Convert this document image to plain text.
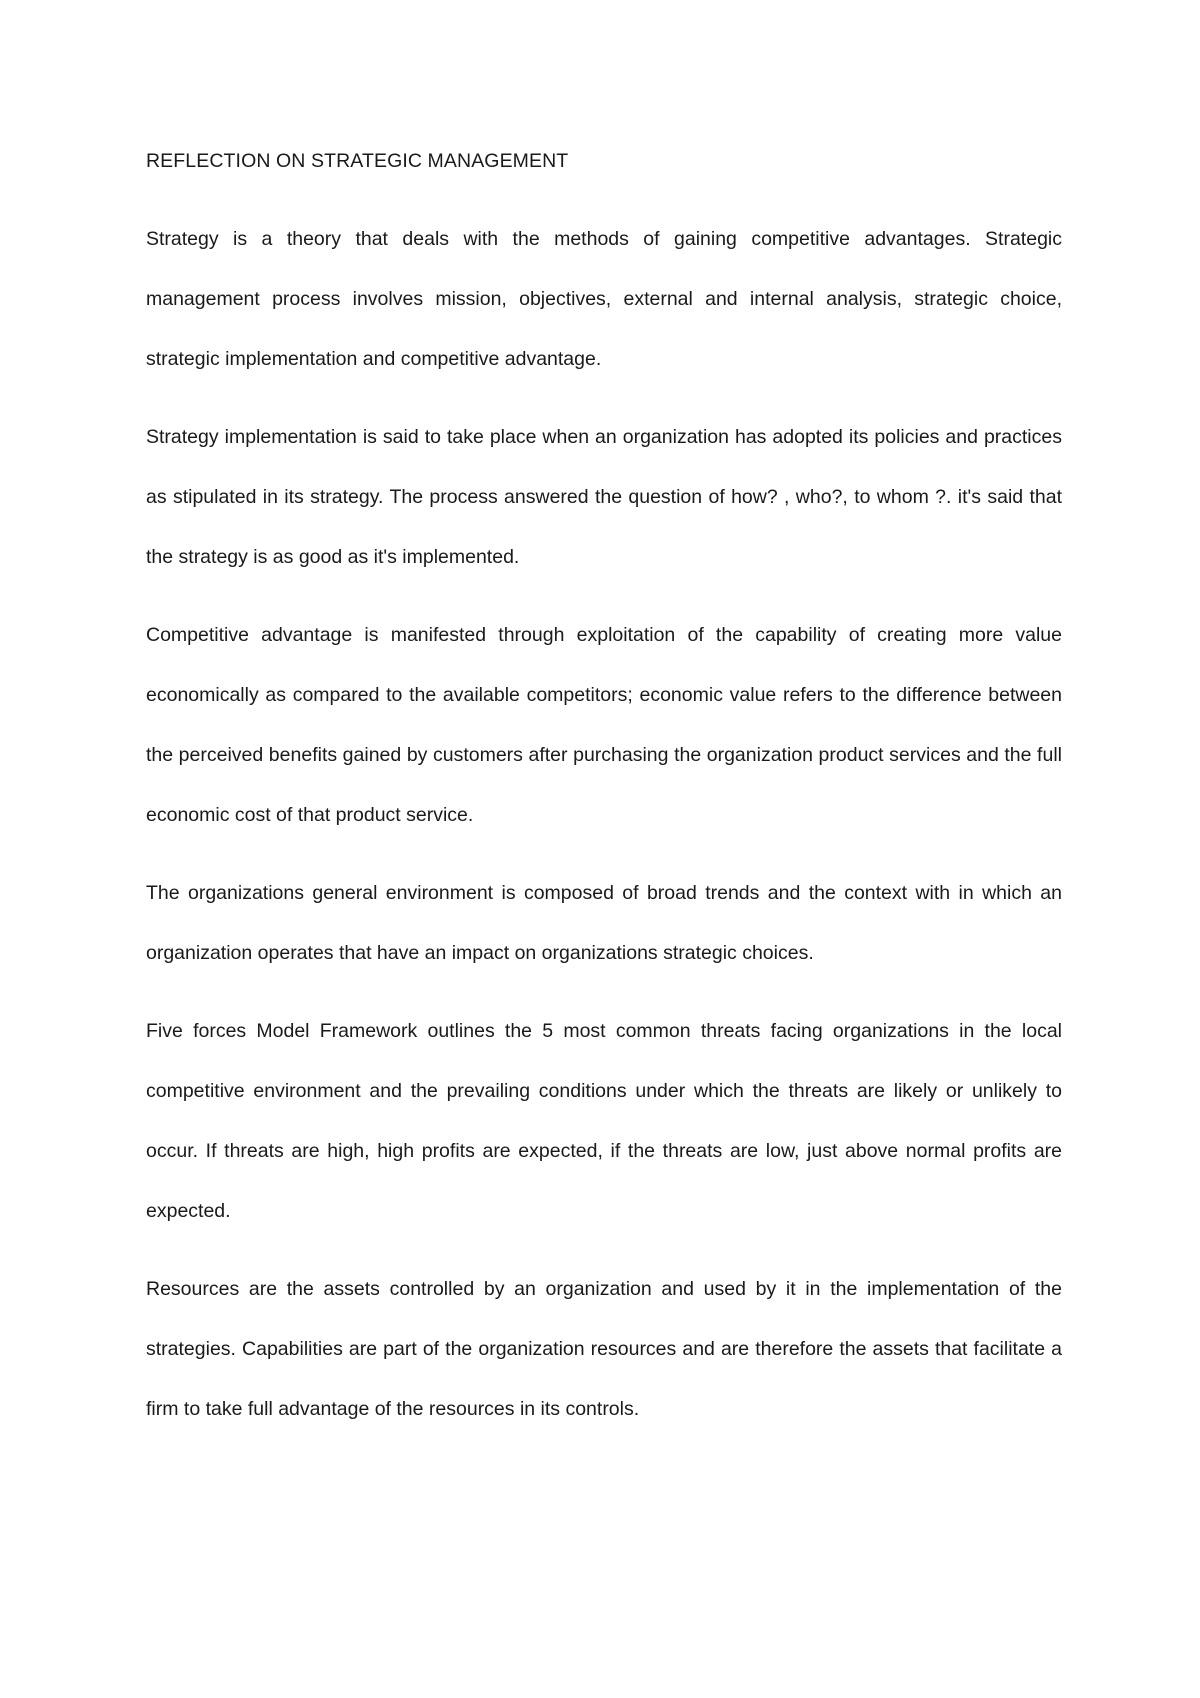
REFLECTION ON STRATEGIC MANAGEMENT

Strategy is a theory that deals with the methods of gaining competitive advantages. Strategic management process involves mission, objectives, external and internal analysis, strategic choice, strategic implementation and competitive advantage.

Strategy implementation is said to take place when an organization has adopted its policies and practices as stipulated in its strategy. The process answered the question of how? , who?, to whom ?. it's said that the strategy is as good as it's implemented.

Competitive advantage is manifested through exploitation of the capability of creating more value economically as compared to the available competitors; economic value refers to the difference between the perceived benefits gained by customers after purchasing the organization product services and the full economic cost of that product service.

The organizations general environment is composed of broad trends and the context with in which an organization operates that have an impact on organizations strategic choices.

Five forces Model Framework outlines the 5 most common threats facing organizations in the local competitive environment and the prevailing conditions under which the threats are likely or unlikely to occur. If threats are high, high profits are expected, if the threats are low, just above normal profits are expected.

Resources are the assets controlled by an organization and used by it in the implementation of the strategies. Capabilities are part of the organization resources and are therefore the assets that facilitate a firm to take full advantage of the resources in its controls.
